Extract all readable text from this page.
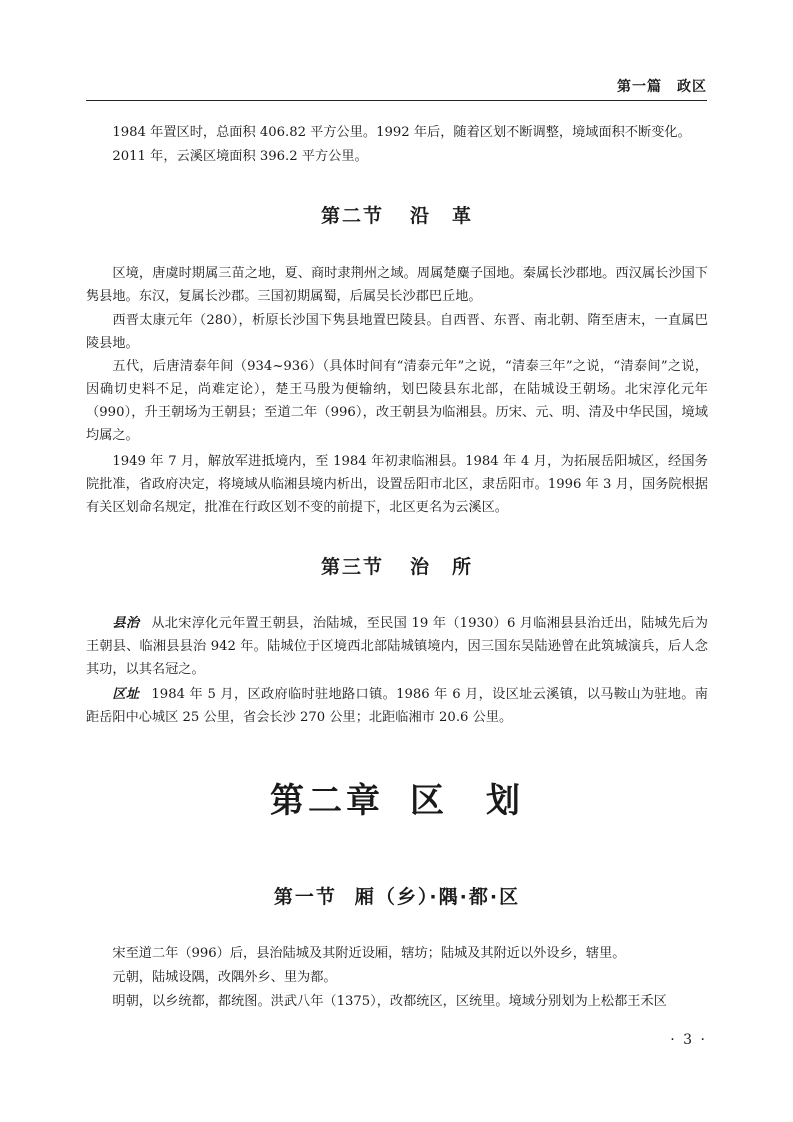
第一篇　政区

1984 年置区时，总面积 406.82 平方公里。1992 年后，随着区划不断调整，境域面积不断变化。

2011 年，云溪区境面积 396.2 平方公里。

第二节 沿　革

区境，唐虞时期属三苗之地，夏、商时隶荆州之域。周属楚麋子国地。秦属长沙郡地。西汉属长沙国下隽县地。东汉，复属长沙郡。三国初期属蜀，后属吴长沙郡巴丘地。

西晋太康元年（280），析原长沙国下隽县地置巴陵县。自西晋、东晋、南北朝、隋至唐末，一直属巴陵县地。

五代，后唐清泰年间（934~936）（具体时间有“清泰元年”之说，“清泰三年”之说，“清泰间”之说，因确切史料不足，尚难定论），楚王马殷为便输纳，划巴陵县东北部，在陆城设王朝场。北宋淳化元年（990），升王朝场为王朝县；至道二年（996），改王朝县为临湘县。历宋、元、明、清及中华民国，境域均属之。

1949 年 7 月，解放军进抵境内，至 1984 年初隶临湘县。1984 年 4 月，为拓展岳阳城区，经国务院批准，省政府决定，将境域从临湘县境内析出，设置岳阳市北区，隶岳阳市。1996 年 3 月，国务院根据有关区划命名规定，批准在行政区划不变的前提下，北区更名为云溪区。

第三节 治　所

县治 从北宋淳化元年置王朝县，治陆城，至民国 19 年（1930）6 月临湘县县治迁出，陆城先后为王朝县、临湘县县治 942 年。陆城位于区境西北部陆城镇境内，因三国东吴陆逊曾在此筑城演兵，后人念其功，以其名冠之。

区址 1984 年 5 月，区政府临时驻地路口镇。1986 年 6 月，设区址云溪镇，以马鞍山为驻地。南距岳阳中心城区 25 公里，省会长沙 270 公里；北距临湘市 20.6 公里。

第二章 区　划
第一节 厢（乡）·隅·都·区

宋至道二年（996）后，县治陆城及其附近设厢，辖坊；陆城及其附近以外设乡，辖里。

元朝，陆城设隅，改隅外乡、里为都。

明朝，以乡统都，都统图。洪武八年（1375），改都统区，区统里。境域分别划为上松都王禾区

· 3 ·
